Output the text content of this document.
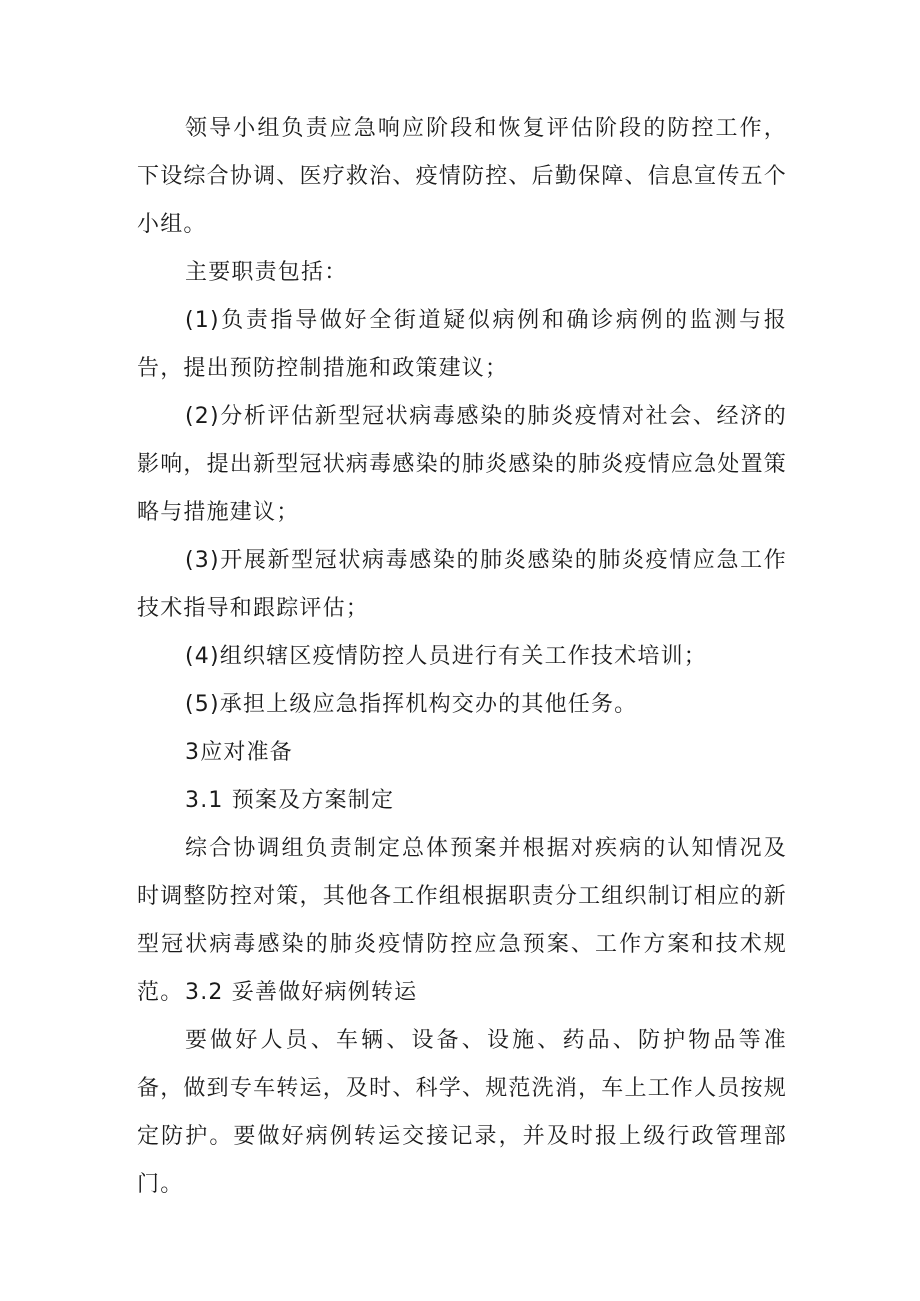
领导小组负责应急响应阶段和恢复评估阶段的防控工作，下设综合协调、医疗救治、疫情防控、后勤保障、信息宣传五个小组。

主要职责包括：

(1)负责指导做好全街道疑似病例和确诊病例的监测与报告，提出预防控制措施和政策建议；

(2)分析评估新型冠状病毒感染的肺炎疫情对社会、经济的影响，提出新型冠状病毒感染的肺炎感染的肺炎疫情应急处置策略与措施建议；

(3)开展新型冠状病毒感染的肺炎感染的肺炎疫情应急工作技术指导和跟踪评估；

(4)组织辖区疫情防控人员进行有关工作技术培训；

(5)承担上级应急指挥机构交办的其他任务。

3应对准备

3.1 预案及方案制定

综合协调组负责制定总体预案并根据对疾病的认知情况及时调整防控对策，其他各工作组根据职责分工组织制订相应的新型冠状病毒感染的肺炎疫情防控应急预案、工作方案和技术规范。 3.2 妥善做好病例转运

要做好人员、车辆、设备、设施、药品、防护物品等准备，做到专车转运，及时、科学、规范洗消，车上工作人员按规定防护。要做好病例转运交接记录，并及时报上级行政管理部门。
